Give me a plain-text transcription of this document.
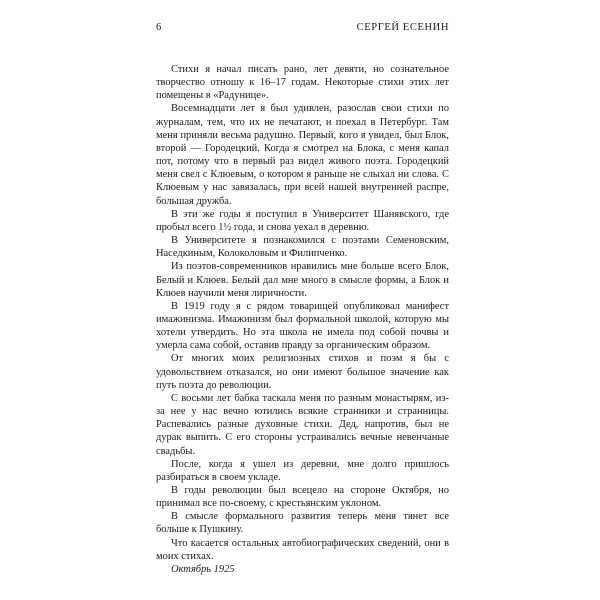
6	СЕРГЕЙ ЕСЕНИН

Стихи я начал писать рано, лет девяти, но сознательное творчество отношу к 16–17 годам. Некоторые стихи этих лет помещены в «Радунице».

Восемнадцати лет я был удивлен, разослав свои стихи по журналам, тем, что их не печатают, и поехал в Петербург. Там меня приняли весьма радушно. Первый, кого я увидел, был Блок, второй — Городецкий. Когда я смотрел на Блока, с меня капал пот, потому что в первый раз видел живого поэта. Городецкий меня свел с Клюевым, о котором я раньше не слыхал ни слова. С Клюевым у нас завязалась, при всей нашей внутренней распре, большая дружба.

В эти же годы я поступил в Университет Шанявского, где пробыл всего 1½ года, и снова уехал в деревню.

В Университете я познакомился с поэтами Семеновским, Наседкиным, Колоколовым и Филипченко.

Из поэтов-современников нравились мне больше всего Блок, Белый и Клюев. Белый дал мне много в смысле формы, а Блок и Клюев научили меня лиричности.

В 1919 году я с рядом товарищей опубликовал манифест имажинизма. Имажинизм был формальной школой, которую мы хотели утвердить. Но эта школа не имела под собой почвы и умерла сама собой, оставив правду за органическим образом.

От многих моих религиозных стихов и поэм я бы с удовольствием отказался, но они имеют большое значение как путь поэта до революции.

С восьми лет бабка таскала меня по разным монастырям, из-за нее у нас вечно ютились всякие странники и странницы. Распевались разные духовные стихи. Дед, напротив, был не дурак выпить. С его стороны устраивались вечные невенчаные свадьбы.

После, когда я ушел из деревни, мне долго пришлось разбираться в своем укладе.

В годы революции был всецело на стороне Октября, но принимал все по-своему, с крестьянским уклоном.

В смысле формального развития теперь меня тянет все больше к Пушкину.

Что касается остальных автобиографических сведений, они в моих стихах.

Октябрь 1925
